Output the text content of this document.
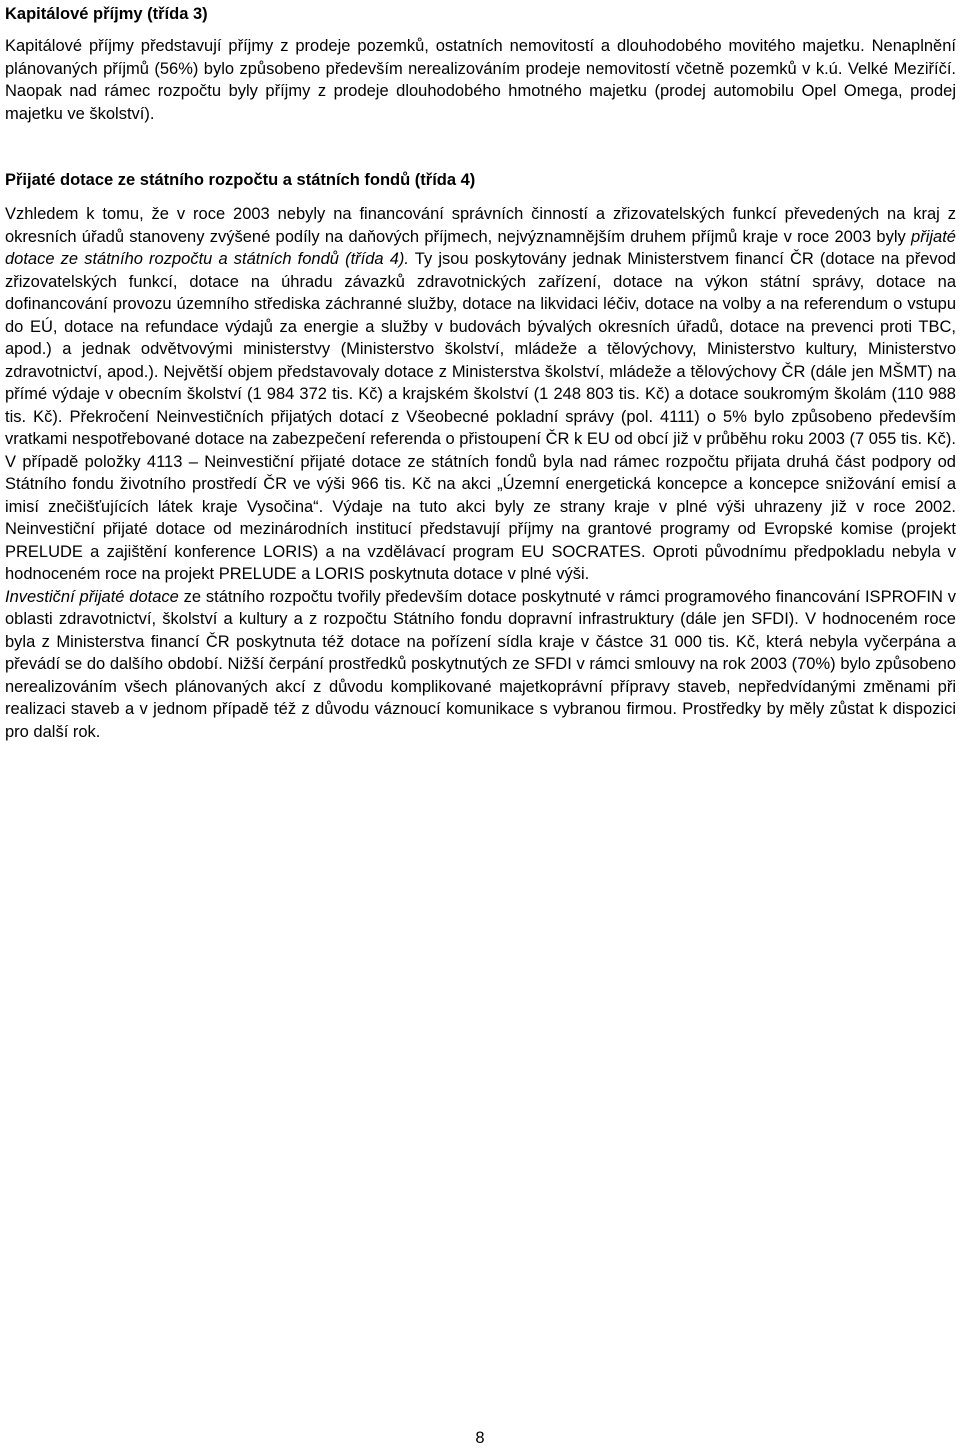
Kapitálové příjmy (třída 3)

Kapitálové příjmy představují příjmy z prodeje pozemků, ostatních nemovitostí a dlouhodobého movitého majetku. Nenaplnění plánovaných příjmů (56%) bylo způsobeno především nerealizováním prodeje nemovitostí včetně pozemků v k.ú. Velké Meziříčí. Naopak nad rámec rozpočtu byly příjmy z prodeje dlouhodobého hmotného majetku (prodej automobilu Opel Omega, prodej majetku ve školství).

Přijaté dotace ze státního rozpočtu a státních fondů (třída 4)

Vzhledem k tomu, že v roce 2003 nebyly na financování správních činností a zřizovatelských funkcí převedených na kraj z okresních úřadů stanoveny zvýšené podíly na daňových příjmech, nejvýznamnějším druhem příjmů kraje v roce 2003 byly přijaté dotace ze státního rozpočtu a státních fondů (třída 4). Ty jsou poskytovány jednak Ministerstvem financí ČR (dotace na převod zřizovatelských funkcí, dotace na úhradu závazků zdravotnických zařízení, dotace na výkon státní správy, dotace na dofinancování provozu územního střediska záchranné služby, dotace na likvidaci léčiv, dotace na volby a na referendum o vstupu do EÚ, dotace na refundace výdajů za energie a služby v budovách bývalých okresních úřadů, dotace na prevenci proti TBC, apod.) a jednak odvětvovými ministerstvy (Ministerstvo školství, mládeže a tělovýchovy, Ministerstvo kultury, Ministerstvo zdravotnictví, apod.). Největší objem představovaly dotace z Ministerstva školství, mládeže a tělovýchovy ČR (dále jen MŠMT) na přímé výdaje v obecním školství (1 984 372 tis. Kč) a krajském školství (1 248 803 tis. Kč) a dotace soukromým školám (110 988 tis. Kč). Překročení Neinvestičních přijatých dotací z Všeobecné pokladní správy (pol. 4111) o 5% bylo způsobeno především vratkami nespotřebované dotace na zabezpečení referenda o přistoupení ČR k EU od obcí již v průběhu roku 2003 (7 055 tis. Kč). V případě položky 4113 – Neinvestiční přijaté dotace ze státních fondů byla nad rámec rozpočtu přijata druhá část podpory od Státního fondu životního prostředí ČR ve výši 966 tis. Kč na akci „Územní energetická koncepce a koncepce snižování emisí a imisí znečišťujících látek kraje Vysočina“. Výdaje na tuto akci byly ze strany kraje v plné výši uhrazeny již v roce 2002. Neinvestiční přijaté dotace od mezinárodních institucí představují příjmy na grantové programy od Evropské komise (projekt PRELUDE a zajištění konference LORIS) a na vzdělávací program EU SOCRATES. Oproti původnímu předpokladu nebyla v hodnoceném roce na projekt PRELUDE a LORIS poskytnuta dotace v plné výši.

Investiční přijaté dotace ze státního rozpočtu tvořily především dotace poskytnuté v rámci programového financování ISPROFIN v oblasti zdravotnictví, školství a kultury a z rozpočtu Státního fondu dopravní infrastruktury (dále jen SFDI). V hodnoceném roce byla z Ministerstva financí ČR poskytnuta též dotace na pořízení sídla kraje v částce 31 000 tis. Kč, která nebyla vyčerpána a převádí se do dalšího období. Nižší čerpání prostředků poskytnutých ze SFDI v rámci smlouvy na rok 2003 (70%) bylo způsobeno nerealizováním všech plánovaných akcí z důvodu komplikované majetkoprávní přípravy staveb, nepředvídanými změnami při realizaci staveb a v jednom případě též z důvodu váznoucí komunikace s vybranou firmou. Prostředky by měly zůstat k dispozici pro další rok.

8
